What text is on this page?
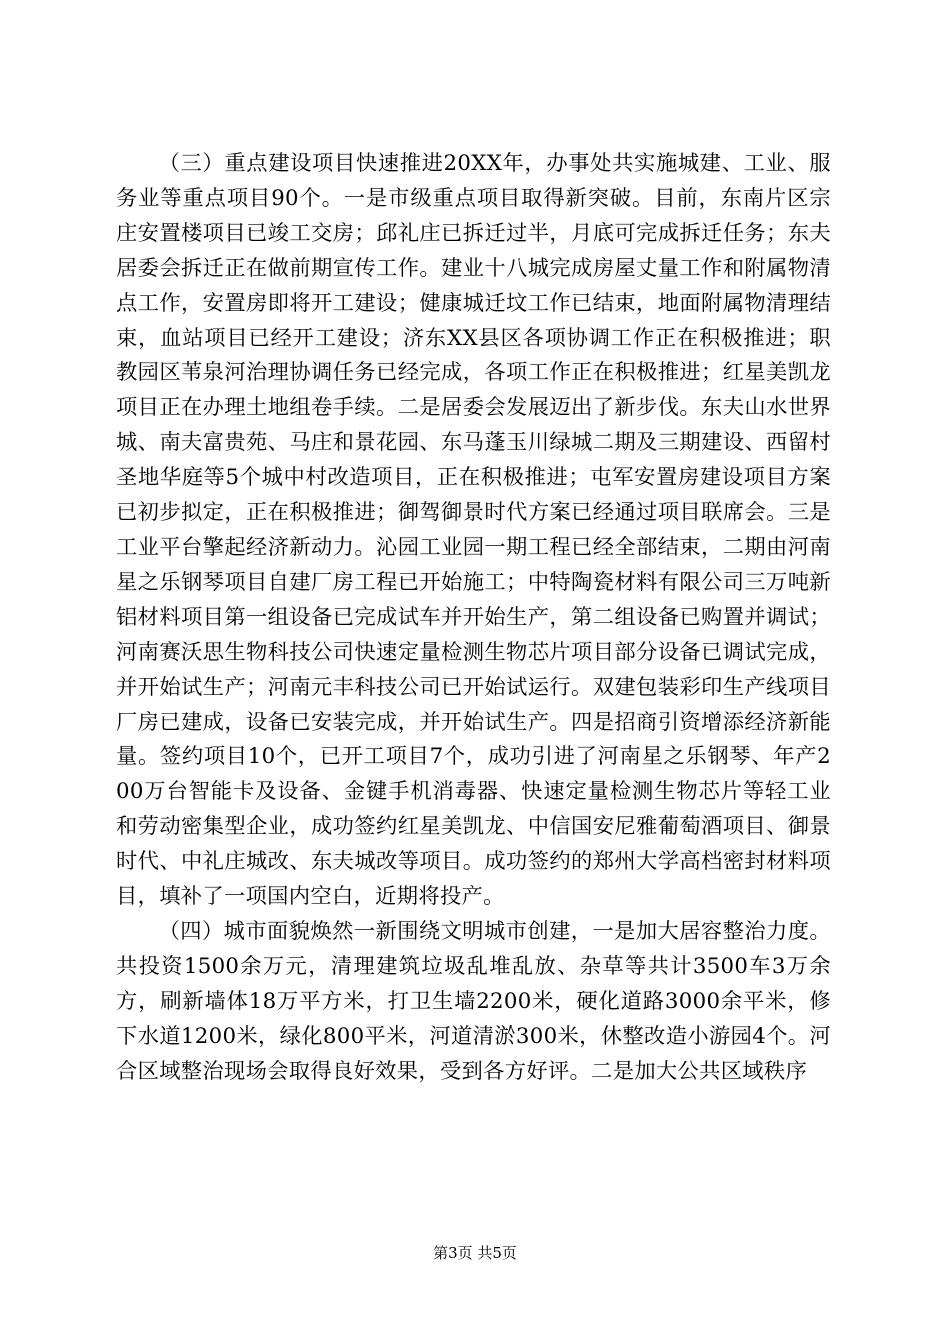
（三）重点建设项目快速推进20XX年，办事处共实施城建、工业、服务业等重点项目90个。一是市级重点项目取得新突破。目前，东南片区宗庄安置楼项目已竣工交房；邱礼庄已拆迁过半，月底可完成拆迁任务；东夫居委会拆迁正在做前期宣传工作。建业十八城完成房屋丈量工作和附属物清点工作，安置房即将开工建设；健康城迁坟工作已结束，地面附属物清理结束，血站项目已经开工建设；济东XX县区各项协调工作正在积极推进；职教园区苇泉河治理协调任务已经完成，各项工作正在积极推进；红星美凯龙项目正在办理土地组卷手续。二是居委会发展迈出了新步伐。东夫山水世界城、南夫富贵苑、马庄和景花园、东马蓬玉川绿城二期及三期建设、西留村圣地华庭等5个城中村改造项目，正在积极推进；屯军安置房建设项目方案已初步拟定，正在积极推进；御驾御景时代方案已经通过项目联席会。三是工业平台擎起经济新动力。沁园工业园一期工程已经全部结束，二期由河南星之乐钢琴项目自建厂房工程已开始施工；中特陶瓷材料有限公司三万吨新铝材料项目第一组设备已完成试车并开始生产，第二组设备已购置并调试；河南赛沃思生物科技公司快速定量检测生物芯片项目部分设备已调试完成，并开始试生产；河南元丰科技公司已开始试运行。双建包装彩印生产线项目厂房已建成，设备已安装完成，并开始试生产。四是招商引资增添经济新能量。签约项目10个，已开工项目7个，成功引进了河南星之乐钢琴、年产200万台智能卡及设备、金键手机消毒器、快速定量检测生物芯片等轻工业和劳动密集型企业，成功签约红星美凯龙、中信国安尼雅葡萄酒项目、御景时代、中礼庄城改、东夫城改等项目。成功签约的郑州大学高档密封材料项目，填补了一项国内空白，近期将投产。

（四）城市面貌焕然一新围绕文明城市创建，一是加大居容整治力度。共投资1500余万元，清理建筑垃圾乱堆乱放、杂草等共计3500车3万余方，刷新墙体18万平方米，打卫生墙2200米，硬化道路3000余平米，修下水道1200米，绿化800平米，河道清淤300米，休整改造小游园4个。河合区域整治现场会取得良好效果，受到各方好评。二是加大公共区域秩序

第3页 共5页
